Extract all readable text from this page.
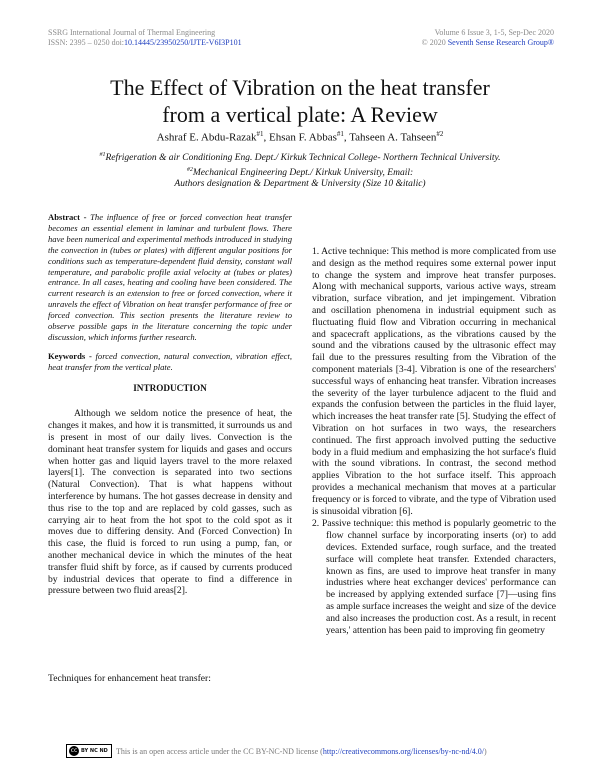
SSRG International Journal of Thermal Engineering
ISSN: 2395 – 0250 doi:10.14445/23950250/IJTE-V6I3P101
Volume 6 Issue 3, 1-5, Sep-Dec 2020
© 2020 Seventh Sense Research Group®
The Effect of Vibration on the heat transfer
from a vertical plate: A Review
Ashraf E. Abdu-Razak$^{\#1}$, Ehsan F. Abbas$^{\#1}$, Tahseen A. Tahseen$^{\#2}$
$^{\#1}$Refrigeration & air Conditioning Eng. Dept./ Kirkuk Technical College- Northern Technical University.
$^{\#2}$Mechanical Engineering Dept./ Kirkuk University, Email:
Authors designation & Department & University (Size 10 &italic)

Abstract - The influence of free or forced convection heat transfer becomes an essential element in laminar and turbulent flows. There have been numerical and experimental methods introduced in studying the convection in (tubes or plates) with different angular positions for conditions such as temperature-dependent fluid density, constant wall temperature, and parabolic profile axial velocity at (tubes or plates) entrance. In all cases, heating and cooling have been considered. The current research is an extension to free or forced convection, where it unravels the effect of Vibration on heat transfer performance of free or forced convection. This section presents the literature review to observe possible gaps in the literature concerning the topic under discussion, which informs further research.

Keywords - forced convection, natural convection, vibration effect, heat transfer from the vertical plate.

INTRODUCTION

Although we seldom notice the presence of heat, the changes it makes, and how it is transmitted, it surrounds us and is present in most of our daily lives. Convection is the dominant heat transfer system for liquids and gases and occurs when hotter gas and liquid layers travel to the more relaxed layers[1]. The convection is separated into two sections (Natural Convection). That is what happens without interference by humans. The hot gasses decrease in density and thus rise to the top and are replaced by cold gasses, such as carrying air to heat from the hot spot to the cold spot as it moves due to differing density. And (Forced Convection) In this case, the fluid is forced to run using a pump, fan, or another mechanical device in which the minutes of the heat transfer fluid shift by force, as if caused by currents produced by industrial devices that operate to find a difference in pressure between two fluid areas[2].

Techniques for enhancement heat transfer:

1. Active technique: This method is more complicated from use and design as the method requires some external power input to change the system and improve heat transfer purposes. Along with mechanical supports, various active ways, stream vibration, surface vibration, and jet impingement. Vibration and oscillation phenomena in industrial equipment such as fluctuating fluid flow and Vibration occurring in mechanical and spacecraft applications, as the vibrations caused by the sound and the vibrations caused by the ultrasonic effect may fail due to the pressures resulting from the Vibration of the component materials [3-4]. Vibration is one of the researchers' successful ways of enhancing heat transfer. Vibration increases the severity of the layer turbulence adjacent to the fluid and expands the confusion between the particles in the fluid layer, which increases the heat transfer rate [5]. Studying the effect of Vibration on hot surfaces in two ways, the researchers continued. The first approach involved putting the seductive body in a fluid medium and emphasizing the hot surface's fluid with the sound vibrations. In contrast, the second method applies Vibration to the hot surface itself. This approach provides a mechanical mechanism that moves at a particular frequency or is forced to vibrate, and the type of Vibration used is sinusoidal vibration [6].

2. Passive technique: this method is popularly geometric to the flow channel surface by incorporating inserts (or) to add devices. Extended surface, rough surface, and the treated surface will complete heat transfer. Extended characters, known as fins, are used to improve heat transfer in many industries where heat exchanger devices' performance can be increased by applying extended surface [7]—using fins as ample surface increases the weight and size of the device and also increases the production cost. As a result, in recent years,' attention has been paid to improving fin geometry

cc BY NC ND This is an open access article under the CC BY-NC-ND license (http://creativecommons.org/licenses/by-nc-nd/4.0/)
